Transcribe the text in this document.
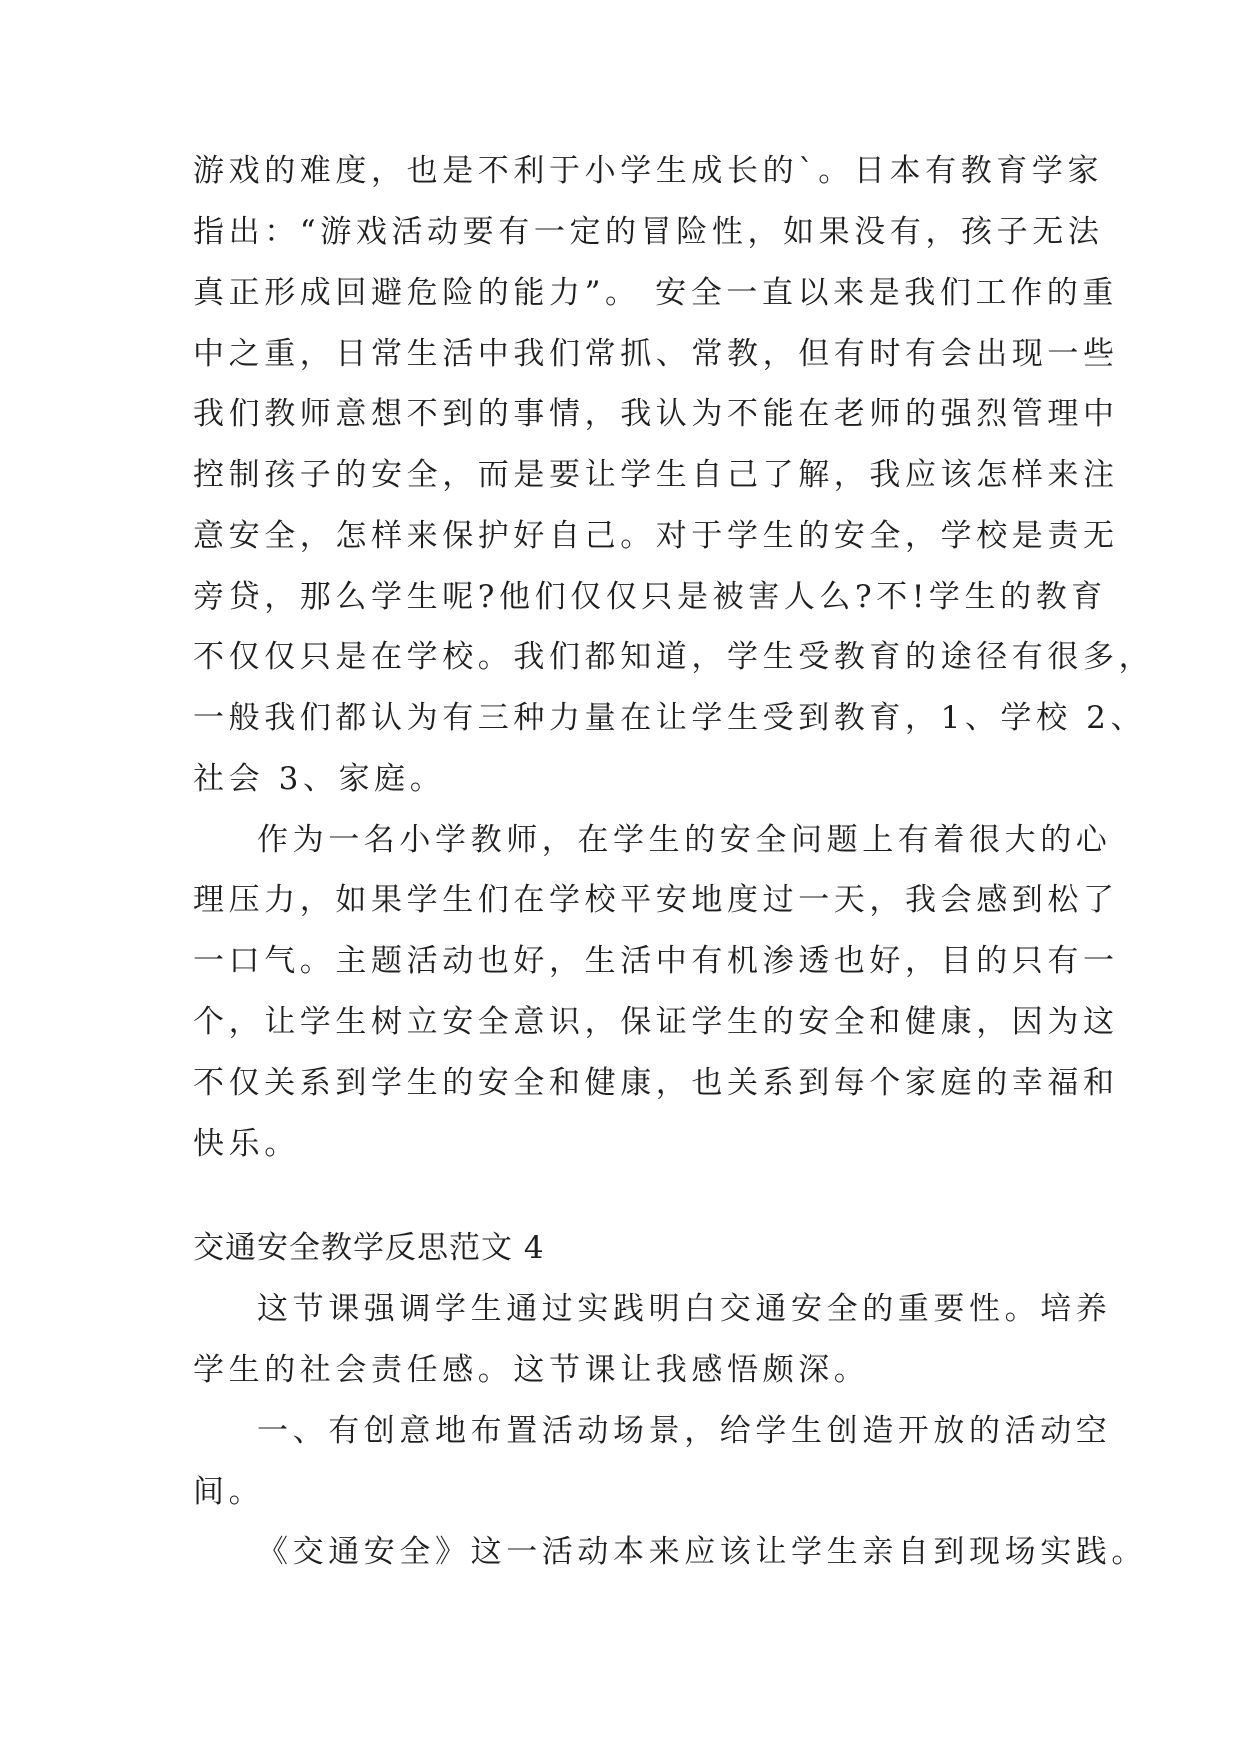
游戏的难度，也是不利于小学生成长的`。日本有教育学家
指出：“游戏活动要有一定的冒险性，如果没有，孩子无法
真正形成回避危险的能力”。 安全一直以来是我们工作的重
中之重，日常生活中我们常抓、常教，但有时有会出现一些
我们教师意想不到的事情，我认为不能在老师的强烈管理中
控制孩子的安全，而是要让学生自己了解，我应该怎样来注
意安全，怎样来保护好自己。对于学生的安全，学校是责无
旁贷，那么学生呢?他们仅仅只是被害人么?不!学生的教育
不仅仅只是在学校。我们都知道，学生受教育的途径有很多，
一般我们都认为有三种力量在让学生受到教育，1、学校 2、
社会 3、家庭。
作为一名小学教师，在学生的安全问题上有着很大的心
理压力，如果学生们在学校平安地度过一天，我会感到松了
一口气。主题活动也好，生活中有机渗透也好，目的只有一
个，让学生树立安全意识，保证学生的安全和健康，因为这
不仅关系到学生的安全和健康，也关系到每个家庭的幸福和
快乐。
交通安全教学反思范文 4
这节课强调学生通过实践明白交通安全的重要性。培养
学生的社会责任感。这节课让我感悟颇深。
一、有创意地布置活动场景，给学生创造开放的活动空
间。
《交通安全》这一活动本来应该让学生亲自到现场实践。
